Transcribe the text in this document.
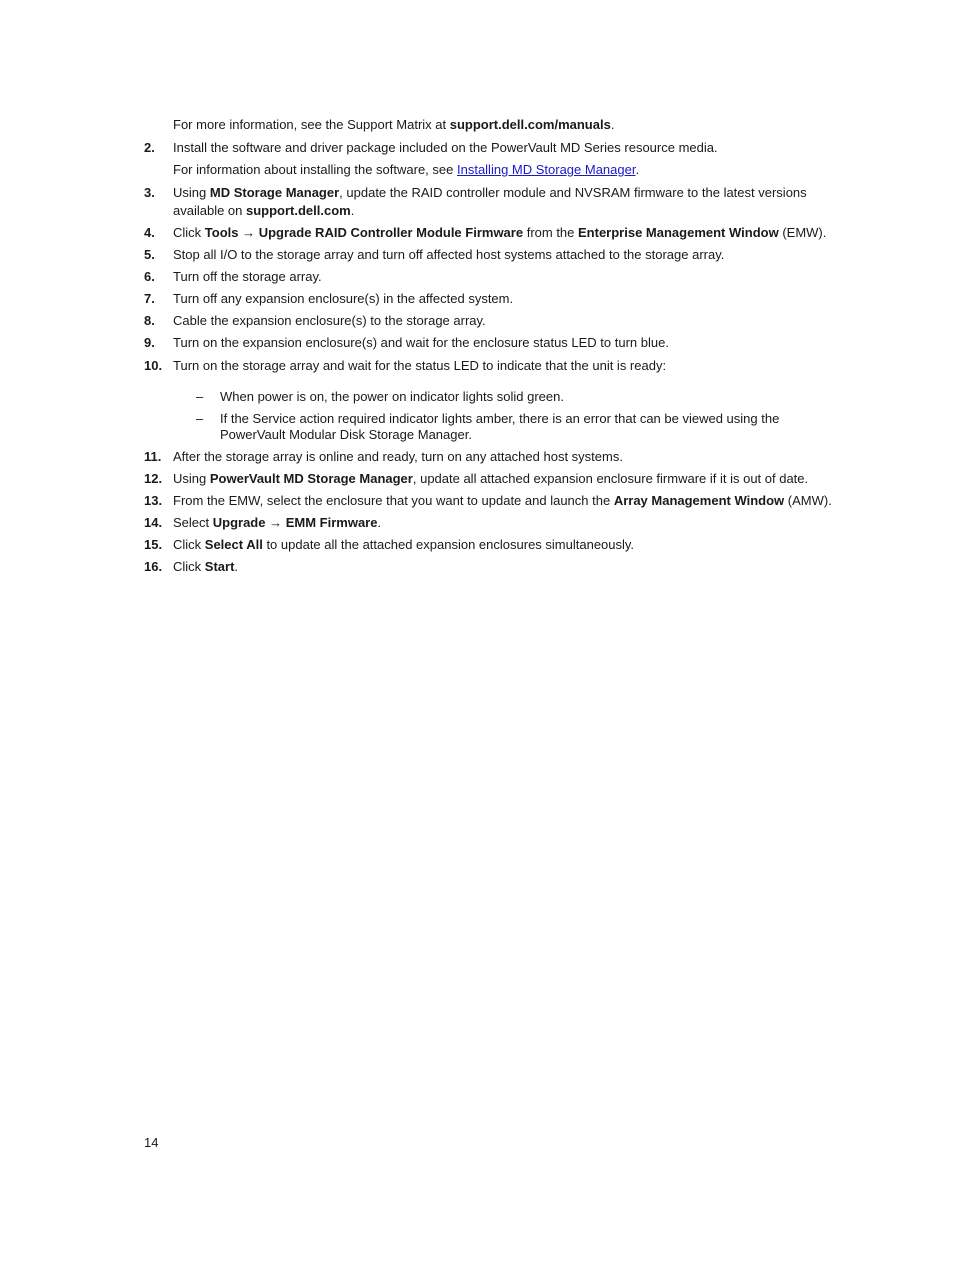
For more information, see the Support Matrix at support.dell.com/manuals.
2. Install the software and driver package included on the PowerVault MD Series resource media.
For information about installing the software, see Installing MD Storage Manager.
3. Using MD Storage Manager, update the RAID controller module and NVSRAM firmware to the latest versions
available on support.dell.com.
4. Click Tools → Upgrade RAID Controller Module Firmware from the Enterprise Management Window (EMW).
5. Stop all I/O to the storage array and turn off affected host systems attached to the storage array.
6. Turn off the storage array.
7. Turn off any expansion enclosure(s) in the affected system.
8. Cable the expansion enclosure(s) to the storage array.
9. Turn on the expansion enclosure(s) and wait for the enclosure status LED to turn blue.
10. Turn on the storage array and wait for the status LED to indicate that the unit is ready:
– When power is on, the power on indicator lights solid green.
– If the Service action required indicator lights amber, there is an error that can be viewed using the
PowerVault Modular Disk Storage Manager.
11. After the storage array is online and ready, turn on any attached host systems.
12. Using PowerVault MD Storage Manager, update all attached expansion enclosure firmware if it is out of date.
13. From the EMW, select the enclosure that you want to update and launch the Array Management Window (AMW).
14. Select Upgrade → EMM Firmware.
15. Click Select All to update all the attached expansion enclosures simultaneously.
16. Click Start.
14
